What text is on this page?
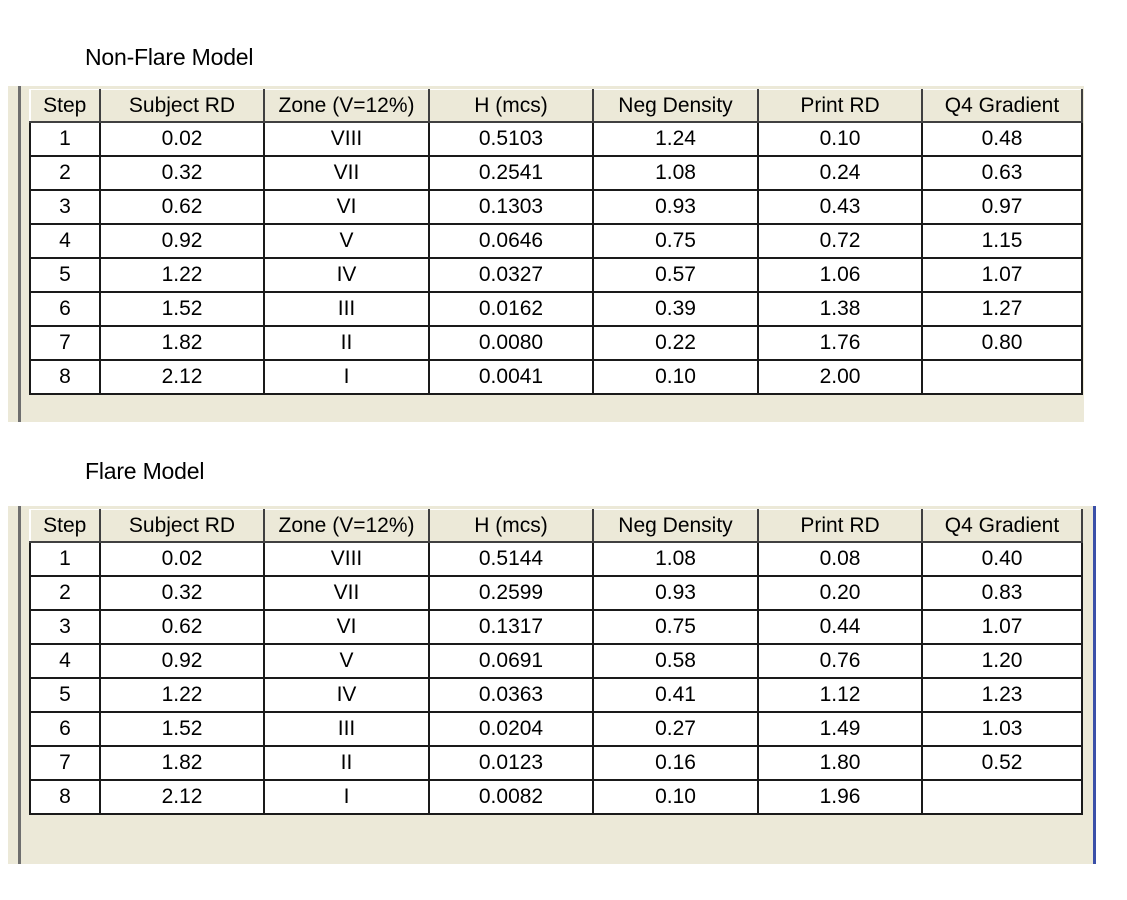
Non-Flare Model
Step	Subject RD	Zone (V=12%)	H (mcs)	Neg Density	Print RD	Q4 Gradient
1	0.02	VIII	0.5103	1.24	0.10	0.48
2	0.32	VII	0.2541	1.08	0.24	0.63
3	0.62	VI	0.1303	0.93	0.43	0.97
4	0.92	V	0.0646	0.75	0.72	1.15
5	1.22	IV	0.0327	0.57	1.06	1.07
6	1.52	III	0.0162	0.39	1.38	1.27
7	1.82	II	0.0080	0.22	1.76	0.80
8	2.12	I	0.0041	0.10	2.00	
Flare Model
Step	Subject RD	Zone (V=12%)	H (mcs)	Neg Density	Print RD	Q4 Gradient
1	0.02	VIII	0.5144	1.08	0.08	0.40
2	0.32	VII	0.2599	0.93	0.20	0.83
3	0.62	VI	0.1317	0.75	0.44	1.07
4	0.92	V	0.0691	0.58	0.76	1.20
5	1.22	IV	0.0363	0.41	1.12	1.23
6	1.52	III	0.0204	0.27	1.49	1.03
7	1.82	II	0.0123	0.16	1.80	0.52
8	2.12	I	0.0082	0.10	1.96	
